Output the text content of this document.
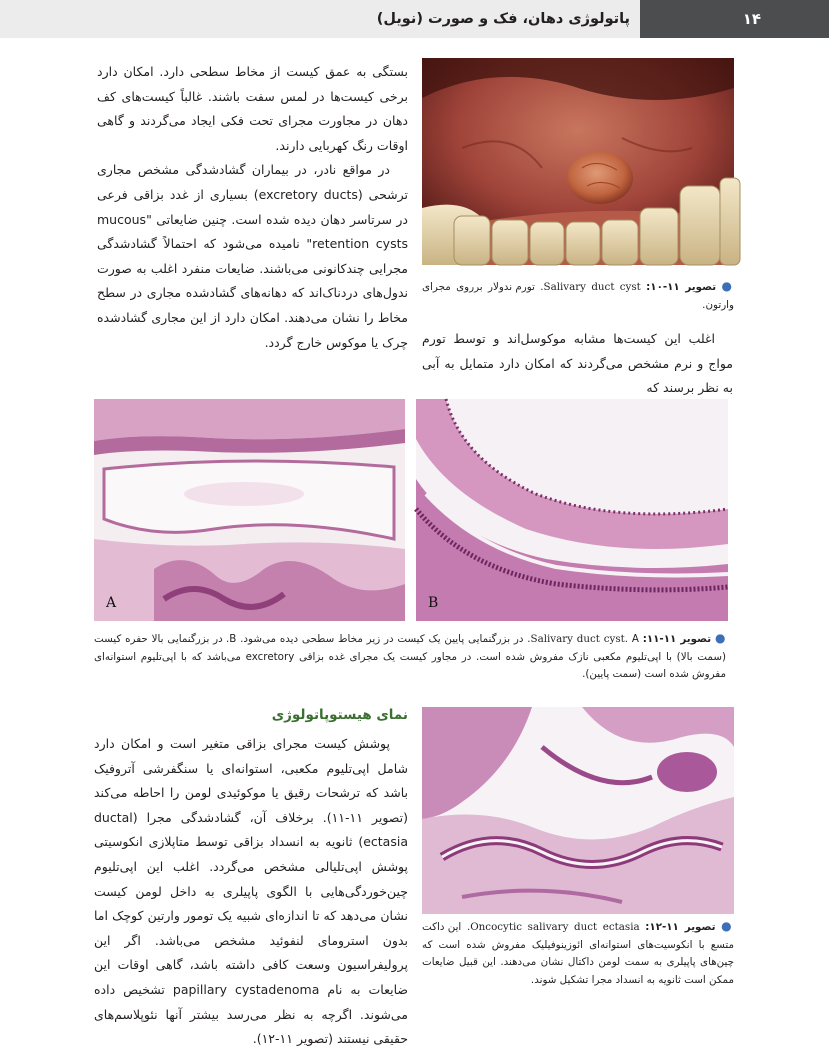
پاتولوژی دهان، فک و صورت (نویل)	۱۴

بستگی به عمق کیست از مخاط سطحی دارد. امکان دارد برخی کیست‌ها در لمس سفت باشند. غالباً کیست‌های کف دهان در مجاورت مجرای تحت فکی ایجاد می‌گردند و گاهی اوقات رنگ کهربایی دارند.

در مواقع نادر، در بیماران گشادشدگی مشخص مجاری ترشحی (excretory ducts) بسیاری از غدد بزاقی فرعی در سرتاسر دهان دیده شده است. چنین ضایعاتی "mucous retention cysts" نامیده می‌شود که احتمالاً گشادشدگی مجرایی چندکانونی می‌باشند. ضایعات منفرد اغلب به صورت ندول‌های دردناک‌اند که دهانه‌های گشادشده مجاری در سطح مخاط را نشان می‌دهند. امکان دارد از این مجاری گشادشده چرک یا موکوس خارج گردد.

● تصویر ۱۱-۱۰: Salivary duct cyst. تورم ندولار برروی مجرای وارتون.

اغلب این کیست‌ها مشابه موکوسل‌اند و توسط تورم مواج و نرم مشخص می‌گردند که امکان دارد متمایل به آبی به نظر برسند که

A	B
● تصویر ۱۱-۱۱: Salivary duct cyst. A. در بزرگنمایی پایین یک کیست در زیر مخاط سطحی دیده می‌شود. B. در بزرگنمایی بالا حفره کیست (سمت بالا) با اپی‌تلیوم مکعبی نازک مفروش شده است. در مجاور کیست یک مجرای غده بزاقی excretory می‌باشد که با اپی‌تلیوم استوانه‌ای مفروش شده است (سمت پایین).
نمای هیستوپاتولوژی

پوشش کیست مجرای بزاقی متغیر است و امکان دارد شامل اپی‌تلیوم مکعبی، استوانه‌ای یا سنگفرشی آتروفیک باشد که ترشحات رقیق یا موکوئیدی لومن را احاطه می‌کند (تصویر ۱۱-۱۱). برخلاف آن، گشادشدگی مجرا (ductal ectasia) ثانویه به انسداد بزاقی توسط متاپلازی انکوسیتی پوشش اپی‌تلیالی مشخص می‌گردد. اغلب این اپی‌تلیوم چین‌خوردگی‌هایی با الگوی پاپیلری به داخل لومن کیست نشان می‌دهد که تا اندازه‌ای شبیه یک تومور وارتین کوچک اما بدون استرومای لنفوئید مشخص می‌باشد. اگر این پرولیفراسیون وسعت کافی داشته باشد، گاهی اوقات این ضایعات به نام papillary cystadenoma تشخیص داده می‌شوند. اگرچه به نظر می‌رسد بیشتر آنها نئوپلاسم‌های حقیقی نیستند (تصویر ۱۱-۱۲).

● تصویر ۱۱-۱۲: Oncocytic salivary duct ectasia. این داکت متسع با انکوسیت‌های استوانه‌ای ائوزینوفیلیک مفروش شده است که چین‌های پاپیلری به سمت لومن داکتال نشان می‌دهند. این قبیل ضایعات ممکن است ثانویه به انسداد مجرا تشکیل شوند.
